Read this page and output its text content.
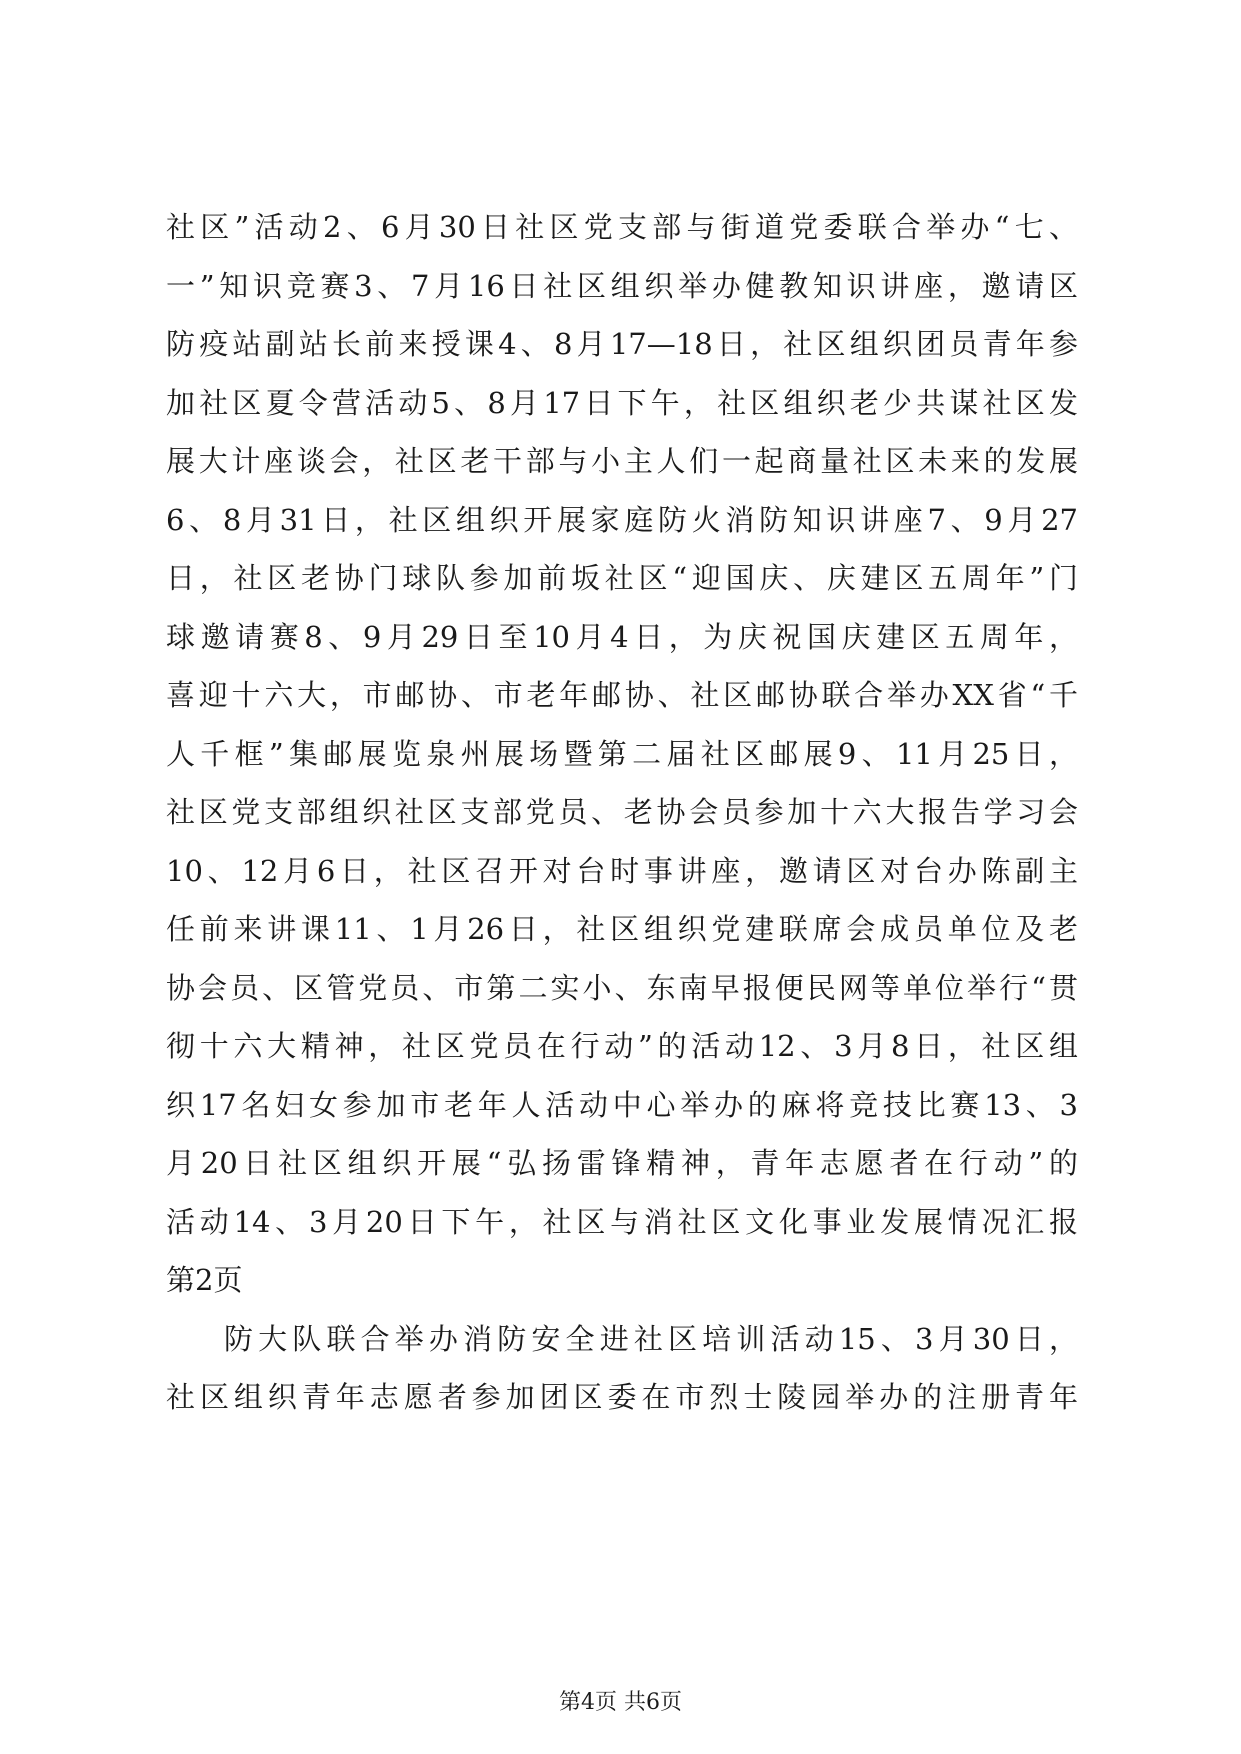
社区”活动2、6月30日社区党支部与街道党委联合举办“七、
一”知识竞赛3、7月16日社区组织举办健教知识讲座，邀请区
防疫站副站长前来授课4、8月17—18日，社区组织团员青年参
加社区夏令营活动5、8月17日下午，社区组织老少共谋社区发
展大计座谈会，社区老干部与小主人们一起商量社区未来的发展
6、8月31日，社区组织开展家庭防火消防知识讲座7、9月27
日，社区老协门球队参加前坂社区“迎国庆、庆建区五周年”门
球邀请赛8、9月29日至10月4日，为庆祝国庆建区五周年，
喜迎十六大，市邮协、市老年邮协、社区邮协联合举办XX省“千
人千框”集邮展览泉州展场暨第二届社区邮展9、11月25日，
社区党支部组织社区支部党员、老协会员参加十六大报告学习会
10、12月6日，社区召开对台时事讲座，邀请区对台办陈副主
任前来讲课11、1月26日，社区组织党建联席会成员单位及老
协会员、区管党员、市第二实小、东南早报便民网等单位举行“贯
彻十六大精神，社区党员在行动”的活动12、3月8日，社区组
织17名妇女参加市老年人活动中心举办的麻将竞技比赛13、3
月20日社区组织开展“弘扬雷锋精神，青年志愿者在行动”的
活动14、3月20日下午，社区与消社区文化事业发展情况汇报
第2页
防大队联合举办消防安全进社区培训活动15、3月30日，
社区组织青年志愿者参加团区委在市烈士陵园举办的注册青年
第4页 共6页
